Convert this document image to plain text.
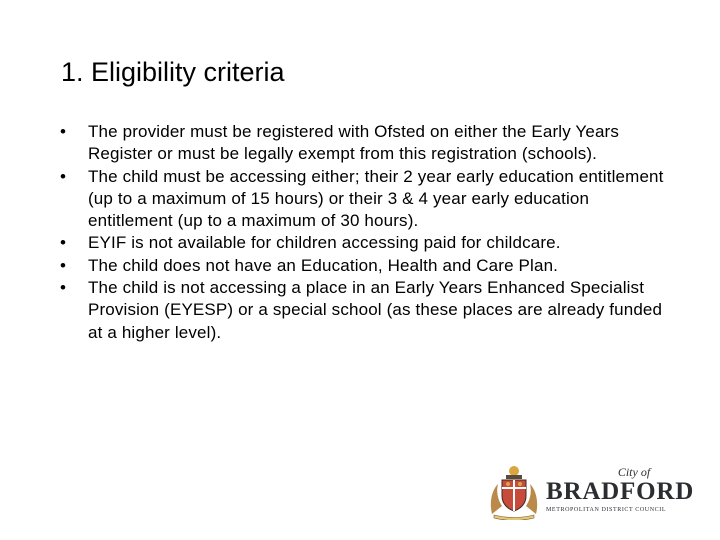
1. Eligibility criteria
• The provider must be registered with Ofsted on either the Early Years Register or must be legally exempt from this registration (schools).
• The child must be accessing either; their 2 year early education entitlement (up to a maximum of 15 hours) or their 3 & 4 year early education entitlement (up to a maximum of 30 hours).
• EYIF is not available for children accessing paid for childcare.
• The child does not have an Education, Health and Care Plan.
• The child is not accessing a place in an Early Years Enhanced Specialist Provision (EYESP) or a special school (as these places are already funded at a higher level).
City of
BRADFORD
METROPOLITAN DISTRICT COUNCIL
